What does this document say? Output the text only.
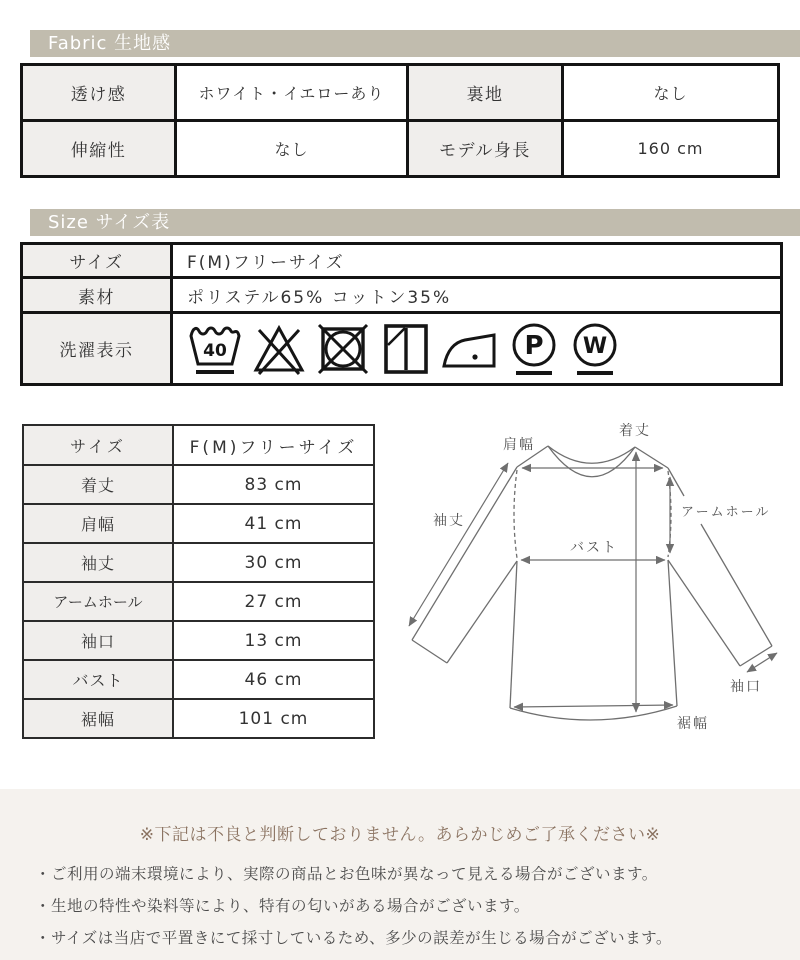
Fabric 生地感
透け感	ホワイト・イエローあり	裏地	なし
伸縮性	なし	モデル身長	160 cm
Size サイズ表
サイズ	F(M)フリーサイズ
素材	ポリステル65% コットン35%
洗濯表示	40 P W
サイズ	F(M)フリーサイズ
着丈	83 cm
肩幅	41 cm
袖丈	30 cm
アームホール	27 cm
袖口	13 cm
バスト	46 cm
裾幅	101 cm
肩幅
着丈
袖丈
アームホール
バスト
袖口
裾幅
※下記は不良と判断しておりません。あらかじめご了承ください※
・ご利用の端末環境により、実際の商品とお色味が異なって見える場合がございます。
・生地の特性や染料等により、特有の匂いがある場合がございます。
・サイズは当店で平置きにて採寸しているため、多少の誤差が生じる場合がございます。
